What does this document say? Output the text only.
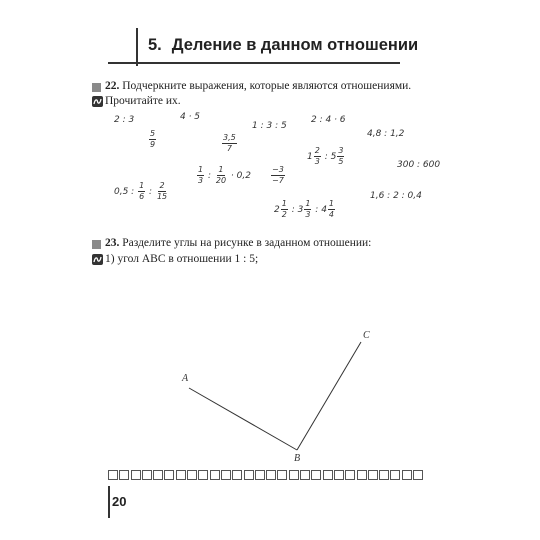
5. Деление в данном отношении
22. Подчеркните выражения, которые являются отношениями.
Прочитайте их.
2 : 3	4 · 5
$\frac{5}{9}$	$\frac{3,5}{7}$
1 : 3 : 5
2 : 4 · 6
4,8 : 1,2
$1 \frac{2}{3}$ : $5 \frac{3}{5}$	300 : 600
0,5 : $\frac{1}{6}$ : $\frac{2}{15}$
$\frac{1}{3}$ : $\frac{1}{20} \cdot 0,2$	$\frac{-3}{-7}$
$2 \frac{1}{2}$ : $3 \frac{1}{3}$ : $4 \frac{1}{4}$
1,6 : 2 : 0,4
23. Разделите углы на рисунке в заданном отношении:
1) угол ABC в отношении 1 : 5;
A
B
C
20
